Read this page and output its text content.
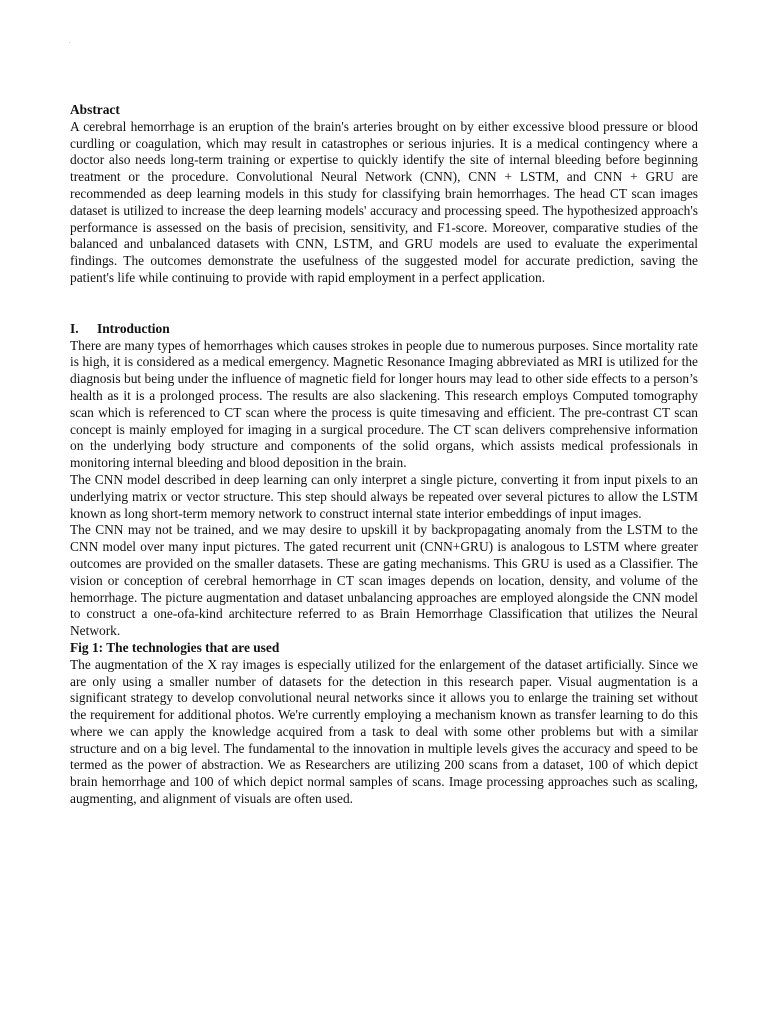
Abstract

A cerebral hemorrhage is an eruption of the brain's arteries brought on by either excessive blood pressure or blood curdling or coagulation, which may result in catastrophes or serious injuries. It is a medical contingency where a doctor also needs long-term training or expertise to quickly identify the site of internal bleeding before beginning treatment or the procedure. Convolutional Neural Network (CNN), CNN + LSTM, and CNN + GRU are recommended as deep learning models in this study for classifying brain hemorrhages. The head CT scan images dataset is utilized to increase the deep learning models' accuracy and processing speed. The hypothesized approach's performance is assessed on the basis of precision, sensitivity, and F1-score. Moreover, comparative studies of the balanced and unbalanced datasets with CNN, LSTM, and GRU models are used to evaluate the experimental findings. The outcomes demonstrate the usefulness of the suggested model for accurate prediction, saving the patient's life while continuing to provide with rapid employment in a perfect application.

I. Introduction

There are many types of hemorrhages which causes strokes in people due to numerous purposes. Since mortality rate is high, it is considered as a medical emergency. Magnetic Resonance Imaging abbreviated as MRI is utilized for the diagnosis but being under the influence of magnetic field for longer hours may lead to other side effects to a person’s health as it is a prolonged process. The results are also slackening. This research employs Computed tomography scan which is referenced to CT scan where the process is quite timesaving and efficient. The pre-contrast CT scan concept is mainly employed for imaging in a surgical procedure. The CT scan delivers comprehensive information on the underlying body structure and components of the solid organs, which assists medical professionals in monitoring internal bleeding and blood deposition in the brain.

The CNN model described in deep learning can only interpret a single picture, converting it from input pixels to an underlying matrix or vector structure. This step should always be repeated over several pictures to allow the LSTM known as long short-term memory network to construct internal state interior embeddings of input images.

The CNN may not be trained, and we may desire to upskill it by backpropagating anomaly from the LSTM to the CNN model over many input pictures. The gated recurrent unit (CNN+GRU) is analogous to LSTM where greater outcomes are provided on the smaller datasets. These are gating mechanisms. This GRU is used as a Classifier. The vision or conception of cerebral hemorrhage in CT scan images depends on location, density, and volume of the hemorrhage. The picture augmentation and dataset unbalancing approaches are employed alongside the CNN model to construct a one-ofa-kind architecture referred to as Brain Hemorrhage Classification that utilizes the Neural Network.

Fig 1: The technologies that are used

The augmentation of the X ray images is especially utilized for the enlargement of the dataset artificially. Since we are only using a smaller number of datasets for the detection in this research paper. Visual augmentation is a significant strategy to develop convolutional neural networks since it allows you to enlarge the training set without the requirement for additional photos. We're currently employing a mechanism known as transfer learning to do this where we can apply the knowledge acquired from a task to deal with some other problems but with a similar structure and on a big level. The fundamental to the innovation in multiple levels gives the accuracy and speed to be termed as the power of abstraction. We as Researchers are utilizing 200 scans from a dataset, 100 of which depict brain hemorrhage and 100 of which depict normal samples of scans. Image processing approaches such as scaling, augmenting, and alignment of visuals are often used.
